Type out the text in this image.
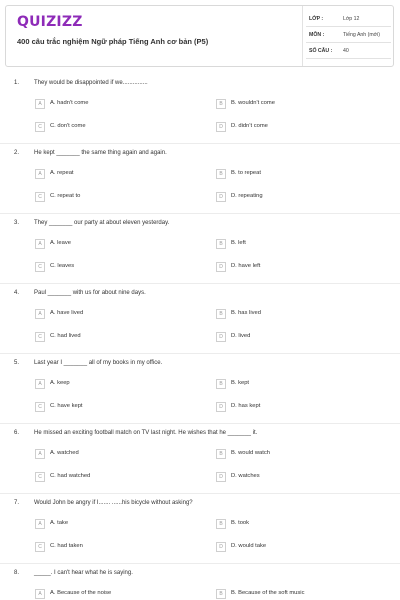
QUIZIZZ
400 câu trắc nghiệm Ngữ pháp Tiếng Anh cơ bản (P5)
LỚP :	Lớp 12
MÔN :	Tiếng Anh (mới)
SỐ CÂU : 40
1. They would be disappointed if we...............
A	A. hadn't come	B	B. wouldn't come
C	C. don't come	D	D. didn't come
2. He kept _______ the same thing again and again.
A	A. repeat	B	B. to repeat
C	C. repeat to	D	D. repeating
3. They _______ our party at about eleven yesterday.
A	A. leave	B	B. left
C	C. leaves	D	D. have left
4. Paul _______ with us for about nine days.
A	A. have lived	B	B. has lived
C	C. had lived	D	D. lived
5. Last year I _______ all of my books in my office.
A	A. keep	B	B. kept
C	C. have kept	D	D. has kept
6. He missed an exciting football match on TV last night. He wishes that he _______ it.
A	A. watched	B	B. would watch
C	C. had watched	D	D. watches
7. Would John be angry if I....... ......his bicycle without asking?
A	A. take	B	B. took
C	C. had taken	D	D. would take
8. _____. I can't hear what he is saying.
A	A. Because of the noise	B	B. Because of the soft music
